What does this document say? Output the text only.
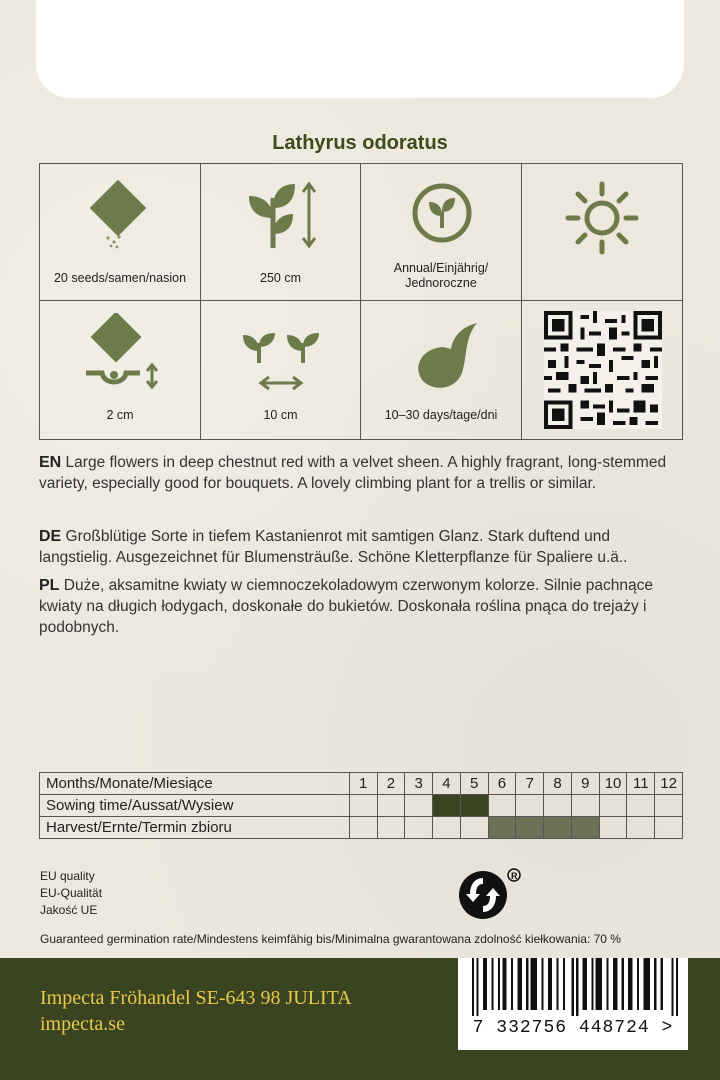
Lathyrus odoratus
20 seeds/samen/nasion	250 cm
Annual/Einjährig/
Jednoroczne
2 cm	10 cm	10–30 days/tage/dni
EN Large flowers in deep chestnut red with a velvet sheen. A highly fragrant, long-stemmed variety, especially good for bouquets. A lovely climbing plant for a trellis or similar.
DE Großblütige Sorte in tiefem Kastanienrot mit samtigen Glanz. Stark duftend und langstielig. Ausgezeichnet für Blumensträuße. Schöne Kletterpflanze für Spaliere u.ä..
PL Duże, aksamitne kwiaty w ciemnoczekoladowym czerwonym kolorze. Silnie pachnące kwiaty na długich łodygach, doskonałe do bukietów. Doskonała roślina pnąca do trejaży i podobnych.
Months/Monate/Miesiące	1	2	3	4	5	6	7	8	9	10	11	12
Sowing time/Aussat/Wysiew												
Harvest/Ernte/Termin zbioru												
EU quality
EU-Qualität
Jakość UE
R
Guaranteed germination rate/Mindestens keimfähig bis/Minimalna gwarantowana zdolność kiełkowania: 70 %
Impecta Fröhandel SE-643 98 JULITA
impecta.se	7 332756 448724 >
